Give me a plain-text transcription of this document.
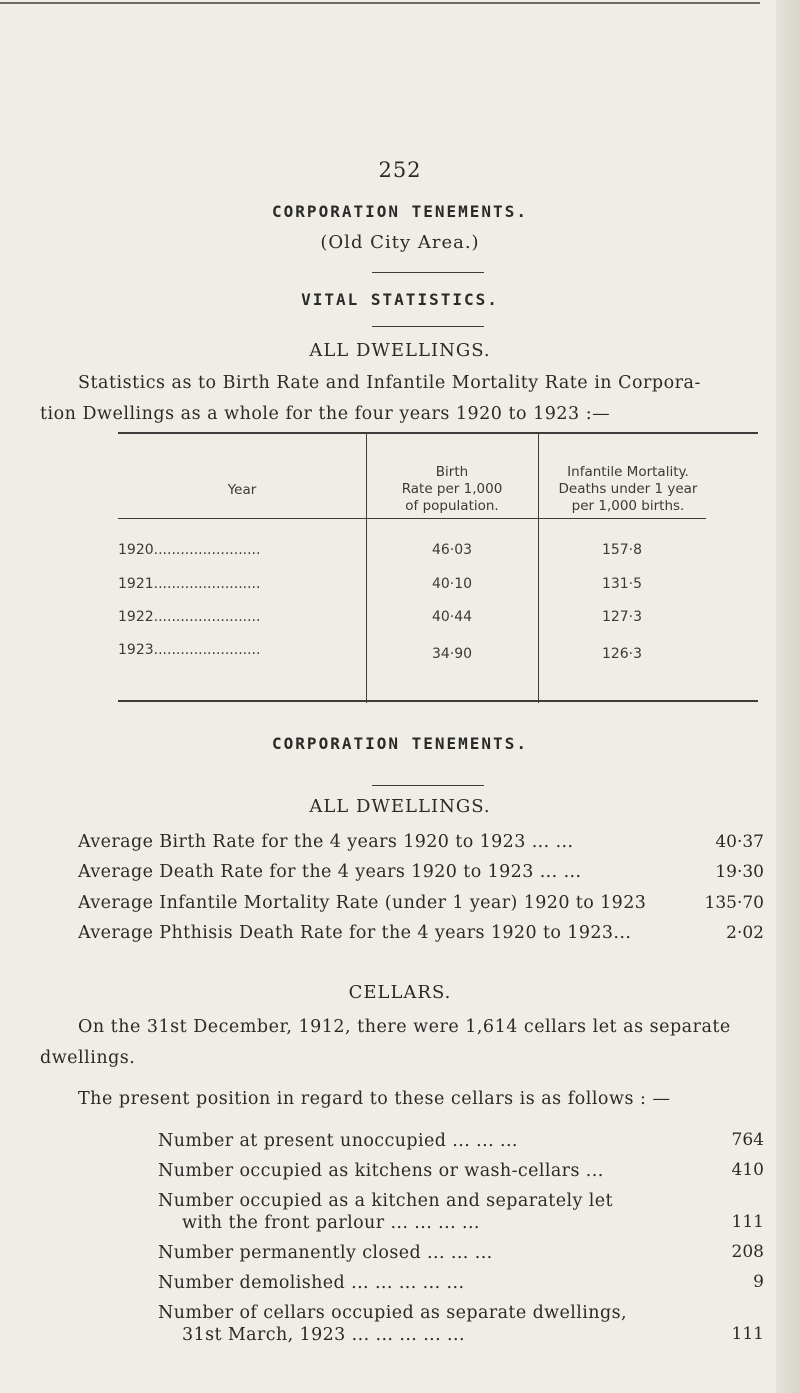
252
CORPORATION TENEMENTS.
(Old City Area.)
VITAL STATISTICS.
ALL DWELLINGS.
Statistics as to Birth Rate and Infantile Mortality Rate in Corpora-
tion Dwellings as a whole for the four years 1920 to 1923 :—
Year
Birth
Rate per 1,000
of population.
Infantile Mortality.
Deaths under 1 year
per 1,000 births.
1920........................	46·03	157·8
1921........................	40·10	131·5
1922........................	40·44	127·3
1923........................	34·90	126·3
CORPORATION TENEMENTS.
ALL DWELLINGS.
Average Birth Rate for the 4 years 1920 to 1923 ... ...	40·37
Average Death Rate for the 4 years 1920 to 1923 ... ...	19·30
Average Infantile Mortality Rate (under 1 year) 1920 to 1923	135·70
Average Phthisis Death Rate for the 4 years 1920 to 1923...	2·02
CELLARS.
On the 31st December, 1912, there were 1,614 cellars let as separate
dwellings.
The present position in regard to these cellars is as follows : —
Number at present unoccupied ... ... ...	764
Number occupied as kitchens or wash-cellars ...	410
Number occupied as a kitchen and separately let
with the front parlour ... ... ... ...	111
Number permanently closed ... ... ...	208
Number demolished ... ... ... ... ...	9
Number of cellars occupied as separate dwellings,
31st March, 1923 ... ... ... ... ...	111
